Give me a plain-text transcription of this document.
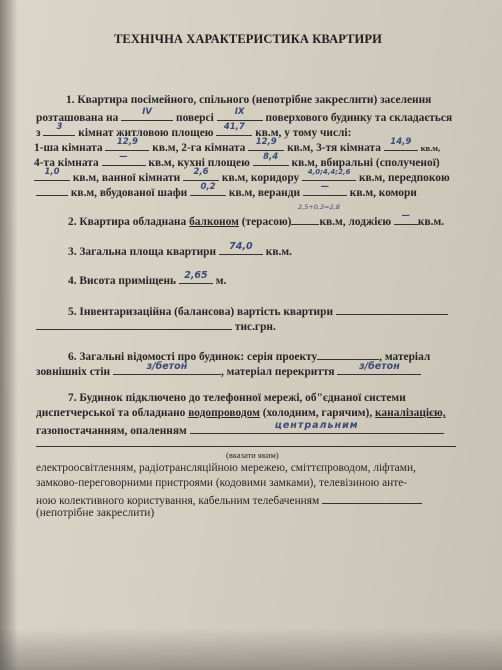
ТЕХНІЧНА ХАРАКТЕРИСТИКА КВАРТИРИ
1. Квартира посімейного, спільного (непотрібне закреслити) заселення
розташована на	IV	поверсі	IX	поверхового будинку та складається
з	3	кімнат житловою площею	41,7 кв.м, у тому числі:
1-ша кімната	12,9	кв.м, 2-га кімната	12,9 кв.м, 3-тя кімната	14,9
кв.м,
4-та кімната	—	кв.м, кухні площею	8,4	кв.м, вбиральні (сполученої)
1,0	кв.м, ванної кімнати	2,6	кв.м, коридору	4,0;4,4;2,6 кв.м, передпокою
кв.м, вбудованої шафи	0,2	кв.м, веранди	—	кв.м, комори
2,5+0,3=2,8
2. Квартира обладнана балконом (терасою) кв.м, лоджією	— кв.м.
3. Загальна площа квартири	74,0	кв.м.
4. Висота приміщень 2,65 м.
5. Інвентаризаційна (балансова) вартість квартири
тис.грн.
6. Загальні відомості про будинок: серія проекту	, матеріал
зовнішніх стін	з/бетон	, матеріал перекриття	з/бетон
7. Будинок підключено до телефонної мережі, об"єднаної системи
диспетчерської та обладнано водопроводом (холодним, гарячим), каналізацією,
газопостачанням, опаленням	центральним
(вказати яким)
електроосвітленням, радіотрансляційною мережею, сміттєпроводом, ліфтами,
замково-переговорними пристроями (кодовими замками), телевізиною анте-
ною колективного користування, кабельним телебаченням
(непотрібне закреслити)
